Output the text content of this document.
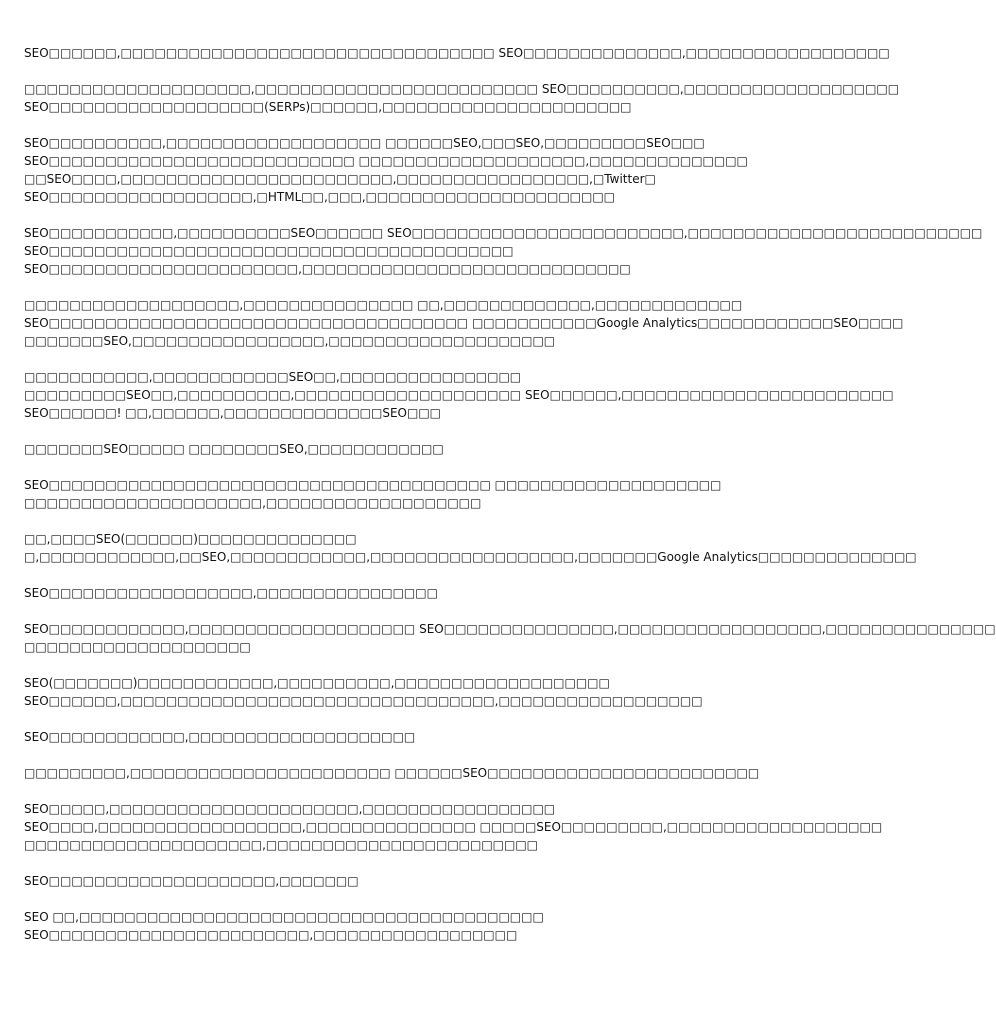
SEO□□□□□□,□□□□□□□□□□□□□□□□□□□□□□□□□□□□□□□□□ SEO□□□□□□□□□□□□□□,□□□□□□□□□□□□□□□□□□
□□□□□□□□□□□□□□□□□□□□,□□□□□□□□□□□□□□□□□□□□□□□□□ SEO□□□□□□□□□□,□□□□□□□□□□□□□□□□□□□
SEO□□□□□□□□□□□□□□□□□□□(SERPs)□□□□□□,□□□□□□□□□□□□□□□□□□□□□□
SEO□□□□□□□□□□,□□□□□□□□□□□□□□□□□□□ □□□□□□SEO,□□□SEO,□□□□□□□□□SEO□□□
SEO□□□□□□□□□□□□□□□□□□□□□□□□□□□ □□□□□□□□□□□□□□□□□□□□,□□□□□□□□□□□□□□
□□SEO□□□□,□□□□□□□□□□□□□□□□□□□□□□□□,□□□□□□□□□□□□□□□□□,□Twitter□
SEO□□□□□□□□□□□□□□□□□□,□HTML□□,□□□,□□□□□□□□□□□□□□□□□□□□□□
SEO□□□□□□□□□□□,□□□□□□□□□□SEO□□□□□□ SEO□□□□□□□□□□□□□□□□□□□□□□□□,□□□□□□□□□□□□□□□□□□□□□□□□□□
SEO□□□□□□□□□□□□□□□□□□□□□□□□□□□□□□□□□□□□□□□□□
SEO□□□□□□□□□□□□□□□□□□□□□□,□□□□□□□□□□□□□□□□□□□□□□□□□□□□□
□□□□□□□□□□□□□□□□□□□,□□□□□□□□□□□□□□□ □□,□□□□□□□□□□□□□,□□□□□□□□□□□□□
SEO□□□□□□□□□□□□□□□□□□□□□□□□□□□□□□□□□□□□□ □□□□□□□□□□□Google Analytics□□□□□□□□□□□□SEO□□□□
□□□□□□□SEO,□□□□□□□□□□□□□□□□□,□□□□□□□□□□□□□□□□□□□□
□□□□□□□□□□□,□□□□□□□□□□□□SEO□□,□□□□□□□□□□□□□□□□
□□□□□□□□□SEO□□,□□□□□□□□□□,□□□□□□□□□□□□□□□□□□□□ SEO□□□□□□,□□□□□□□□□□□□□□□□□□□□□□□□
SEO□□□□□□! □□,□□□□□□,□□□□□□□□□□□□□□SEO□□□
□□□□□□□SEO□□□□□ □□□□□□□□SEO,□□□□□□□□□□□□
SEO□□□□□□□□□□□□□□□□□□□□□□□□□□□□□□□□□□□□□□□ □□□□□□□□□□□□□□□□□□□□
□□□□□□□□□□□□□□□□□□□□□,□□□□□□□□□□□□□□□□□□□
□□,□□□□SEO(□□□□□□)□□□□□□□□□□□□□□
□,□□□□□□□□□□□□,□□SEO,□□□□□□□□□□□□,□□□□□□□□□□□□□□□□□□,□□□□□□□Google Analytics□□□□□□□□□□□□□□
SEO□□□□□□□□□□□□□□□□□□,□□□□□□□□□□□□□□□□
SEO□□□□□□□□□□□□,□□□□□□□□□□□□□□□□□□□□ SEO□□□□□□□□□□□□□□□,□□□□□□□□□□□□□□□□□□,□□□□□□□□□□□□□□□
□□□□□□□□□□□□□□□□□□□□
SEO(□□□□□□□)□□□□□□□□□□□□,□□□□□□□□□□,□□□□□□□□□□□□□□□□□□□
SEO□□□□□□,□□□□□□□□□□□□□□□□□□□□□□□□□□□□□□□□□,□□□□□□□□□□□□□□□□□□
SEO□□□□□□□□□□□□,□□□□□□□□□□□□□□□□□□□□
□□□□□□□□□,□□□□□□□□□□□□□□□□□□□□□□□ □□□□□□SEO□□□□□□□□□□□□□□□□□□□□□□□□
SEO□□□□□,□□□□□□□□□□□□□□□□□□□□□□,□□□□□□□□□□□□□□□□□
SEO□□□□,□□□□□□□□□□□□□□□□□□,□□□□□□□□□□□□□□□ □□□□□SEO□□□□□□□□□,□□□□□□□□□□□□□□□□□□□
□□□□□□□□□□□□□□□□□□□□□,□□□□□□□□□□□□□□□□□□□□□□□□
SEO□□□□□□□□□□□□□□□□□□□□,□□□□□□□
SEO □□,□□□□□□□□□□□□□□□□□□□□□□□□□□□□□□□□□□□□□□□□□
SEO□□□□□□□□□□□□□□□□□□□□□□□,□□□□□□□□□□□□□□□□□□
